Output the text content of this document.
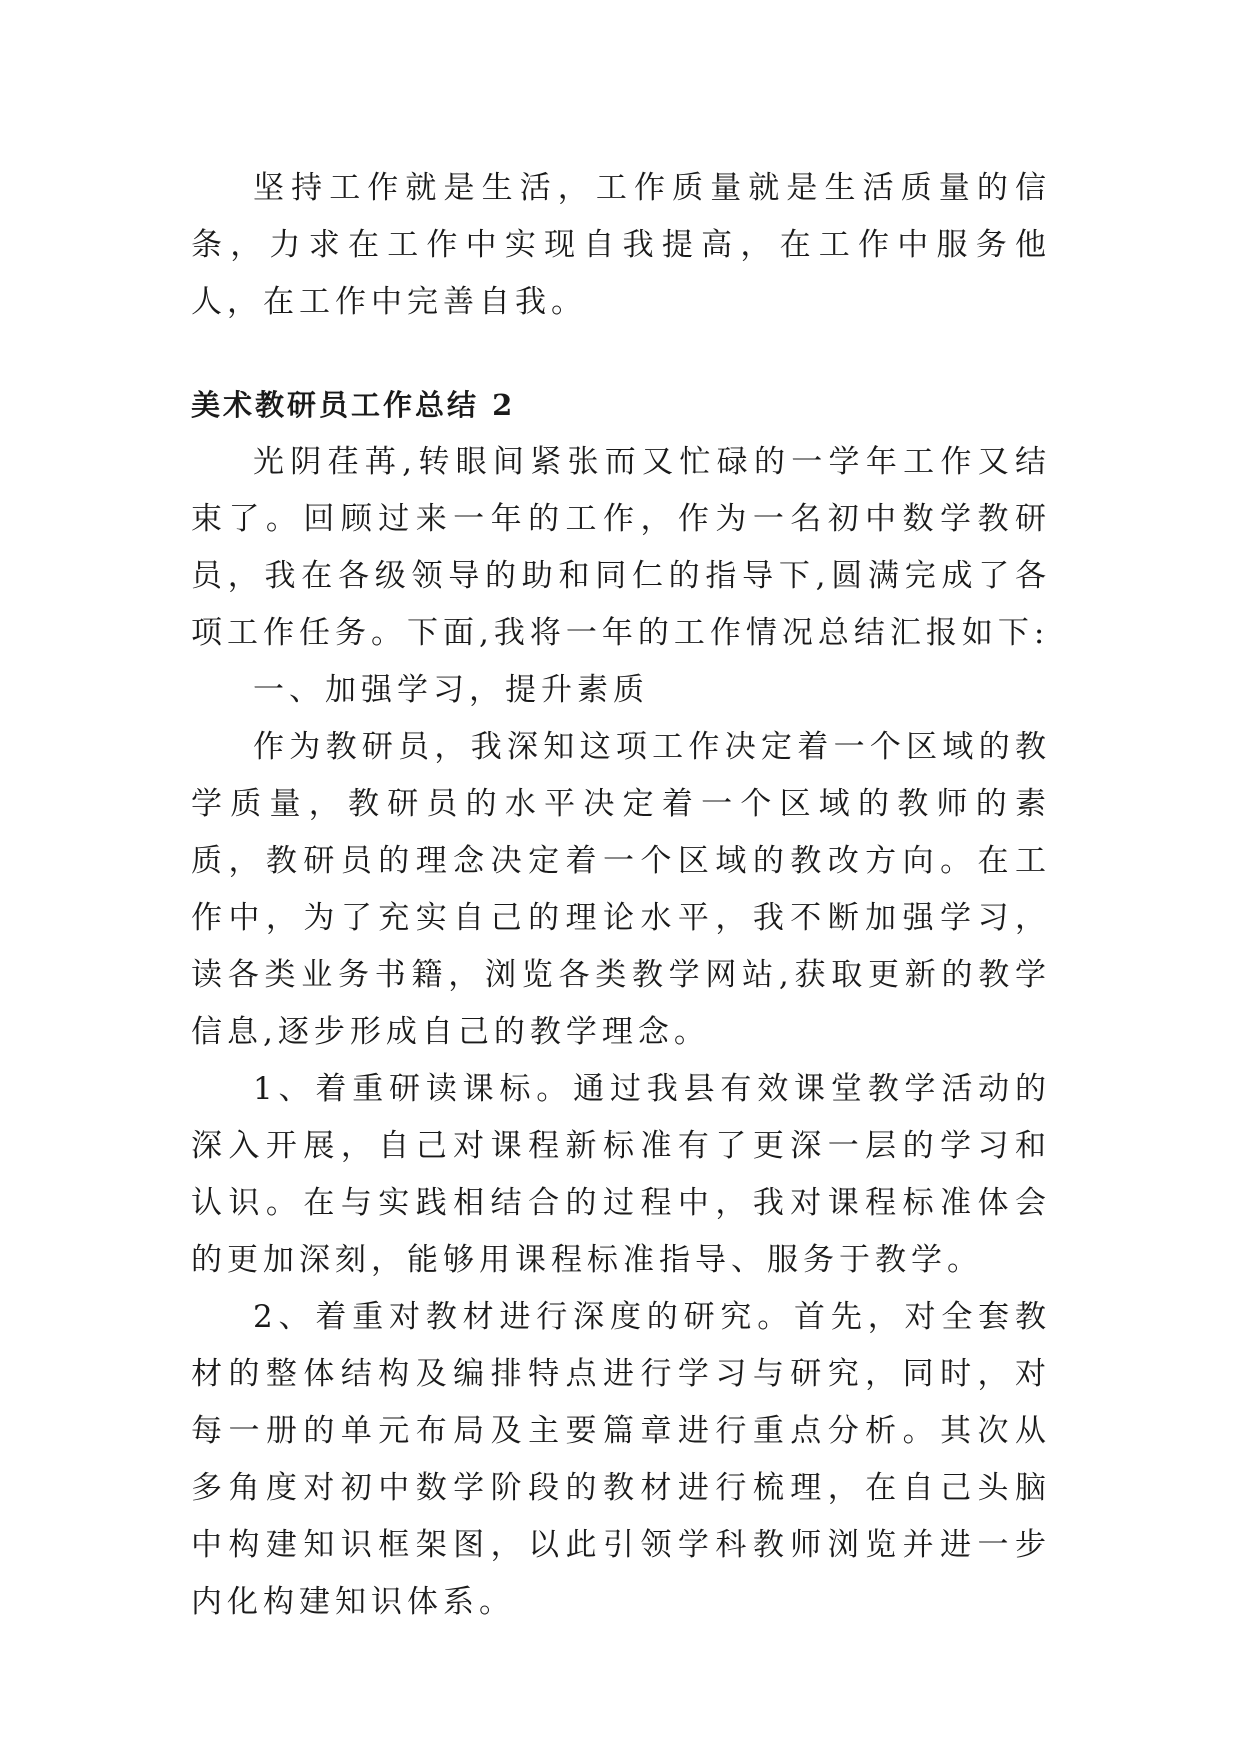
坚持工作就是生活，工作质量就是生活质量的信条，力求在工作中实现自我提高，在工作中服务他人，在工作中完善自我。

美术教研员工作总结 2

光阴荏苒,转眼间紧张而又忙碌的一学年工作又结束了。回顾过来一年的工作，作为一名初中数学教研员，我在各级领导的助和同仁的指导下,圆满完成了各项工作任务。下面,我将一年的工作情况总结汇报如下:

一、加强学习，提升素质

作为教研员，我深知这项工作决定着一个区域的教学质量，教研员的水平决定着一个区域的教师的素质，教研员的理念决定着一个区域的教改方向。在工作中，为了充实自己的理论水平，我不断加强学习，读各类业务书籍，浏览各类教学网站,获取更新的教学信息,逐步形成自己的教学理念。

1、着重研读课标。通过我县有效课堂教学活动的深入开展，自己对课程新标准有了更深一层的学习和认识。在与实践相结合的过程中，我对课程标准体会的更加深刻，能够用课程标准指导、服务于教学。

2、着重对教材进行深度的研究。首先，对全套教材的整体结构及编排特点进行学习与研究，同时，对每一册的单元布局及主要篇章进行重点分析。其次从多角度对初中数学阶段的教材进行梳理，在自己头脑中构建知识框架图，以此引领学科教师浏览并进一步内化构建知识体系。
